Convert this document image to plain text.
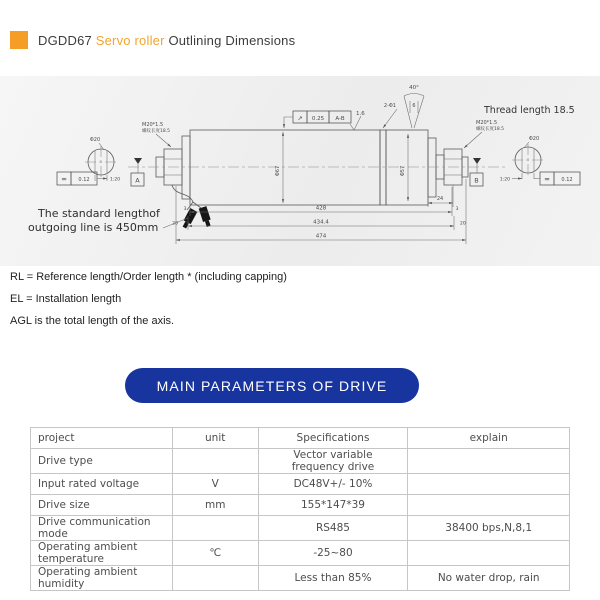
DGDD67 Servo roller Outlining Dimensions
Φ20
= 0.12	1:20 A
Φ20
= 0.12
1:20
B
↗ 0.25 A-B
1.6
40°
6
2-Φ1	Thread length 18.5
M20*1.5
螺纹长度18.5
M20*1.5
螺纹长度18.5
Φ67	Φ57
24
428
3	3
434.4
20	20
474
The standard lengthof
outgoing line is 450mm
RL = Reference length/Order length * (including capping)
EL = Installation length
AGL is the total length of the axis.
MAIN PARAMETERS OF DRIVE
project	unit	Specifications	explain
Drive type		Vector variable frequency drive	
Input rated voltage	V	DC48V+/- 10%	
Drive size	mm	155*147*39	
Drive communication mode		RS485	38400 bps,N,8,1
Operating ambient temperature	℃	-25~80	
Operating ambient humidity		Less than 85%	No water drop, rain
